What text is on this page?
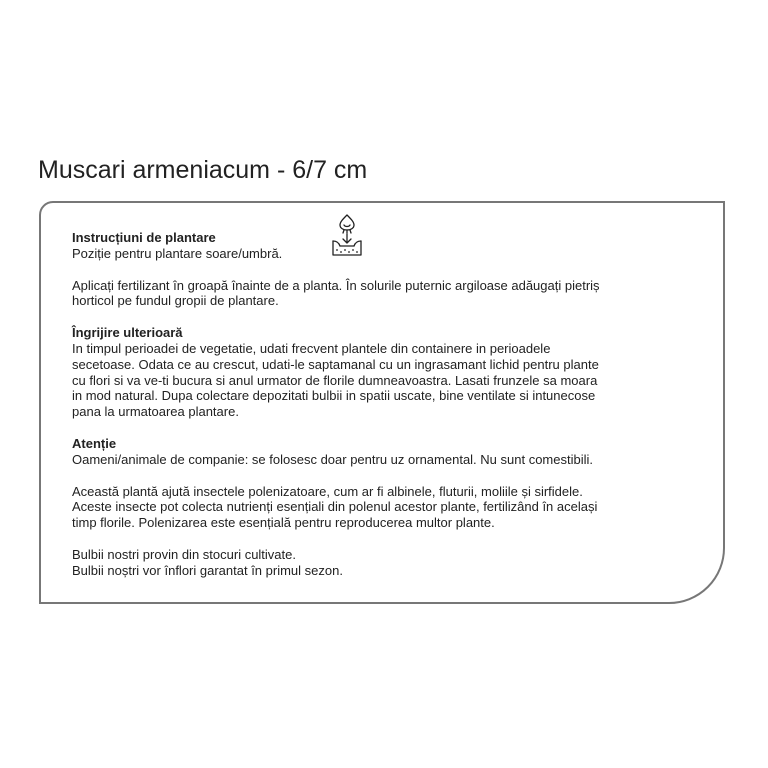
Muscari armeniacum - 6/7 cm
Instrucțiuni de plantare
Poziție pentru plantare soare/umbră.
Aplicați fertilizant în groapă înainte de a planta. În solurile puternic argiloase adăugați pietriș
horticol pe fundul gropii de plantare.
Îngrijire ulterioară
In timpul perioadei de vegetatie, udati frecvent plantele din containere in perioadele
secetoase. Odata ce au crescut, udati-le saptamanal cu un ingrasamant lichid pentru plante
cu flori si va ve-ti bucura si anul urmator de florile dumneavoastra. Lasati frunzele sa moara
in mod natural. Dupa colectare depozitati bulbii in spatii uscate, bine ventilate si intunecose
pana la urmatoarea plantare.
Atenție
Oameni/animale de companie: se folosesc doar pentru uz ornamental. Nu sunt comestibili.
Această plantă ajută insectele polenizatoare, cum ar fi albinele, fluturii, moliile și sirfidele.
Aceste insecte pot colecta nutrienți esențiali din polenul acestor plante, fertilizând în același
timp florile. Polenizarea este esențială pentru reproducerea multor plante.
Bulbii nostri provin din stocuri cultivate.
Bulbii noștri vor înflori garantat în primul sezon.
